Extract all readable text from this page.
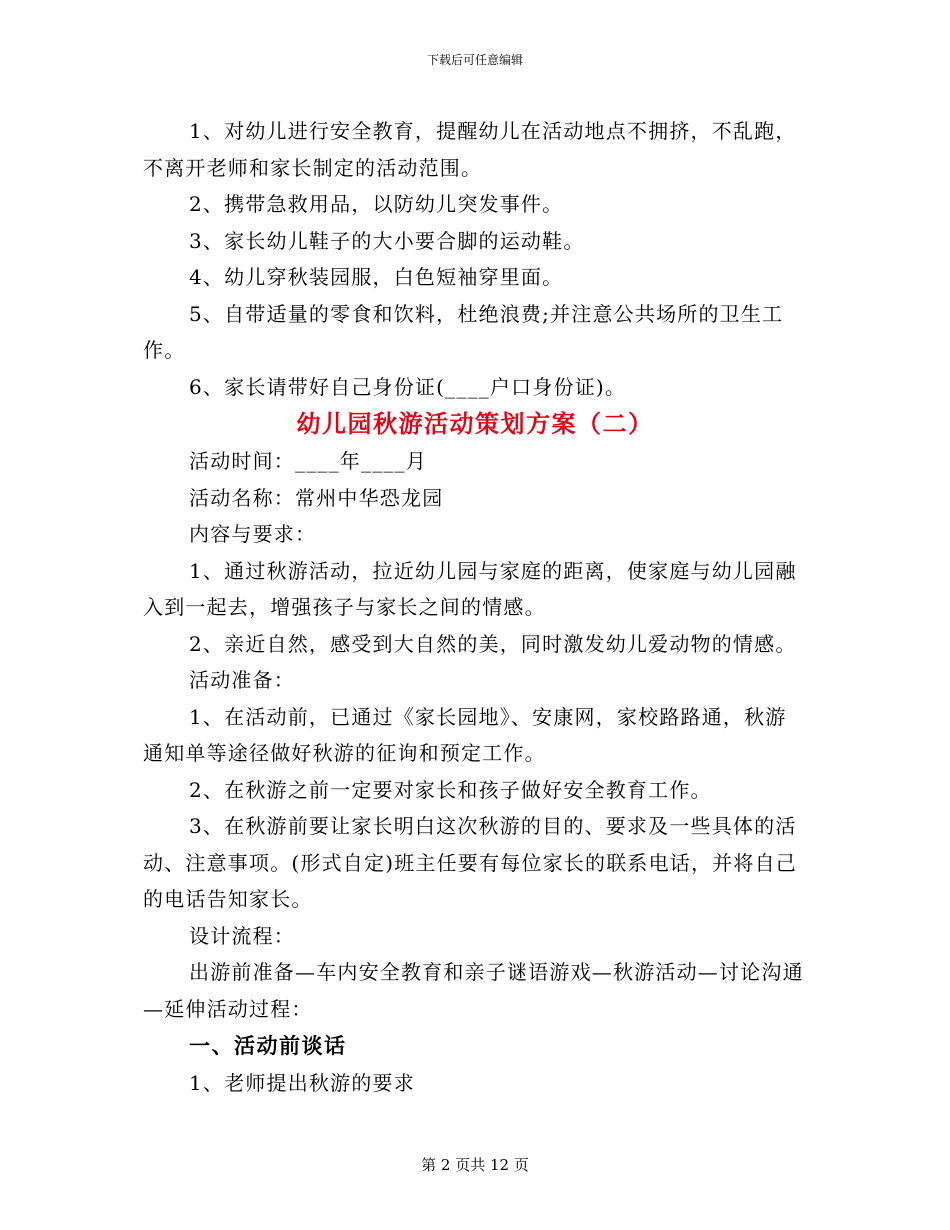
下载后可任意编辑

1、对幼儿进行安全教育，提醒幼儿在活动地点不拥挤，不乱跑，不离开老师和家长制定的活动范围。

2、携带急救用品，以防幼儿突发事件。

3、家长幼儿鞋子的大小要合脚的运动鞋。

4、幼儿穿秋装园服，白色短袖穿里面。

5、自带适量的零食和饮料，杜绝浪费;并注意公共场所的卫生工作。

6、家长请带好自己身份证(____户口身份证)。

幼儿园秋游活动策划方案（二）

活动时间：____年____月

活动名称：常州中华恐龙园

内容与要求：

1、通过秋游活动，拉近幼儿园与家庭的距离，使家庭与幼儿园融入到一起去，增强孩子与家长之间的情感。

2、亲近自然，感受到大自然的美，同时激发幼儿爱动物的情感。

活动准备：

1、在活动前，已通过《家长园地》、安康网，家校路路通，秋游通知单等途径做好秋游的征询和预定工作。

2、在秋游之前一定要对家长和孩子做好安全教育工作。

3、在秋游前要让家长明白这次秋游的目的、要求及一些具体的活动、注意事项。(形式自定)班主任要有每位家长的联系电话，并将自己的电话告知家长。

设计流程：

出游前准备—车内安全教育和亲子谜语游戏—秋游活动—讨论沟通—延伸活动过程：

一、活动前谈话

1、老师提出秋游的要求

第 2 页共 12 页
